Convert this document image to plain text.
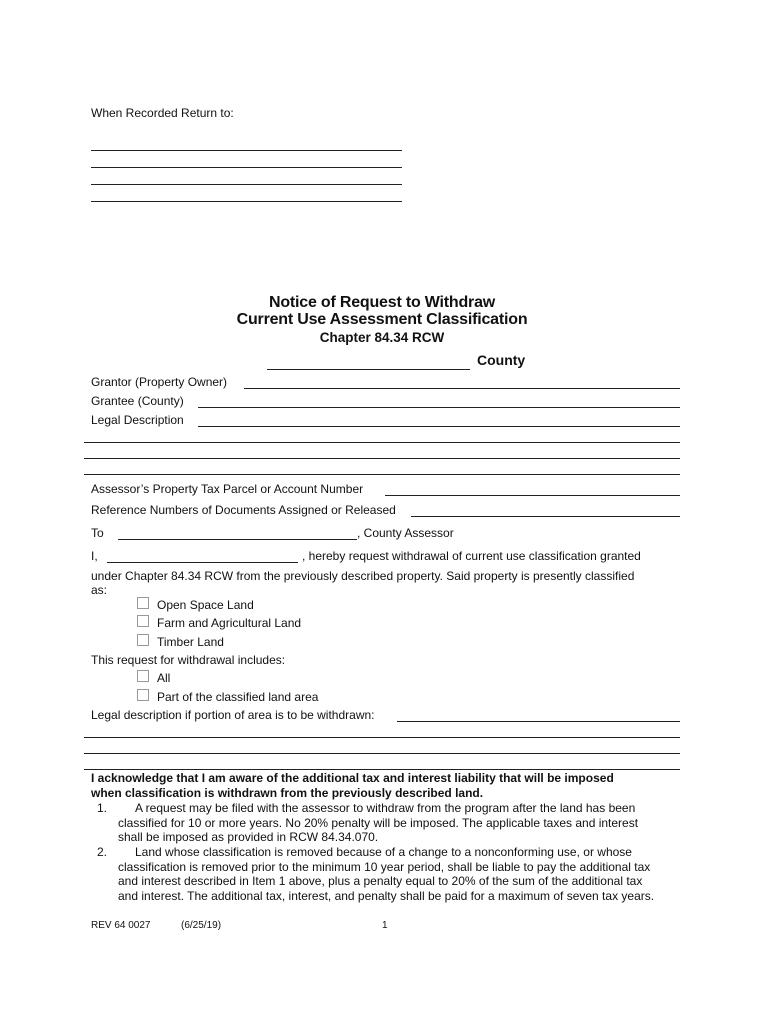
When Recorded Return to:
Notice of Request to Withdraw
Current Use Assessment Classification
Chapter 84.34 RCW
County
Grantor (Property Owner)
Grantee (County)
Legal Description
Assessor’s Property Tax Parcel or Account Number
Reference Numbers of Documents Assigned or Released
To	, County Assessor
I,	, hereby request withdrawal of current use classification granted
under Chapter 84.34 RCW from the previously described property. Said property is presently classified
as:
Open Space Land
Farm and Agricultural Land
Timber Land
This request for withdrawal includes:
All
Part of the classified land area
Legal description if portion of area is to be withdrawn:
I acknowledge that I am aware of the additional tax and interest liability that will be imposed
when classification is withdrawn from the previously described land.
1. A request may be filed with the assessor to withdraw from the program after the land has been
classified for 10 or more years. No 20% penalty will be imposed. The applicable taxes and interest
shall be imposed as provided in RCW 84.34.070.
2. Land whose classification is removed because of a change to a nonconforming use, or whose
classification is removed prior to the minimum 10 year period, shall be liable to pay the additional tax
and interest described in Item 1 above, plus a penalty equal to 20% of the sum of the additional tax
and interest. The additional tax, interest, and penalty shall be paid for a maximum of seven tax years.
REV 64 0027	(6/25/19)	1
